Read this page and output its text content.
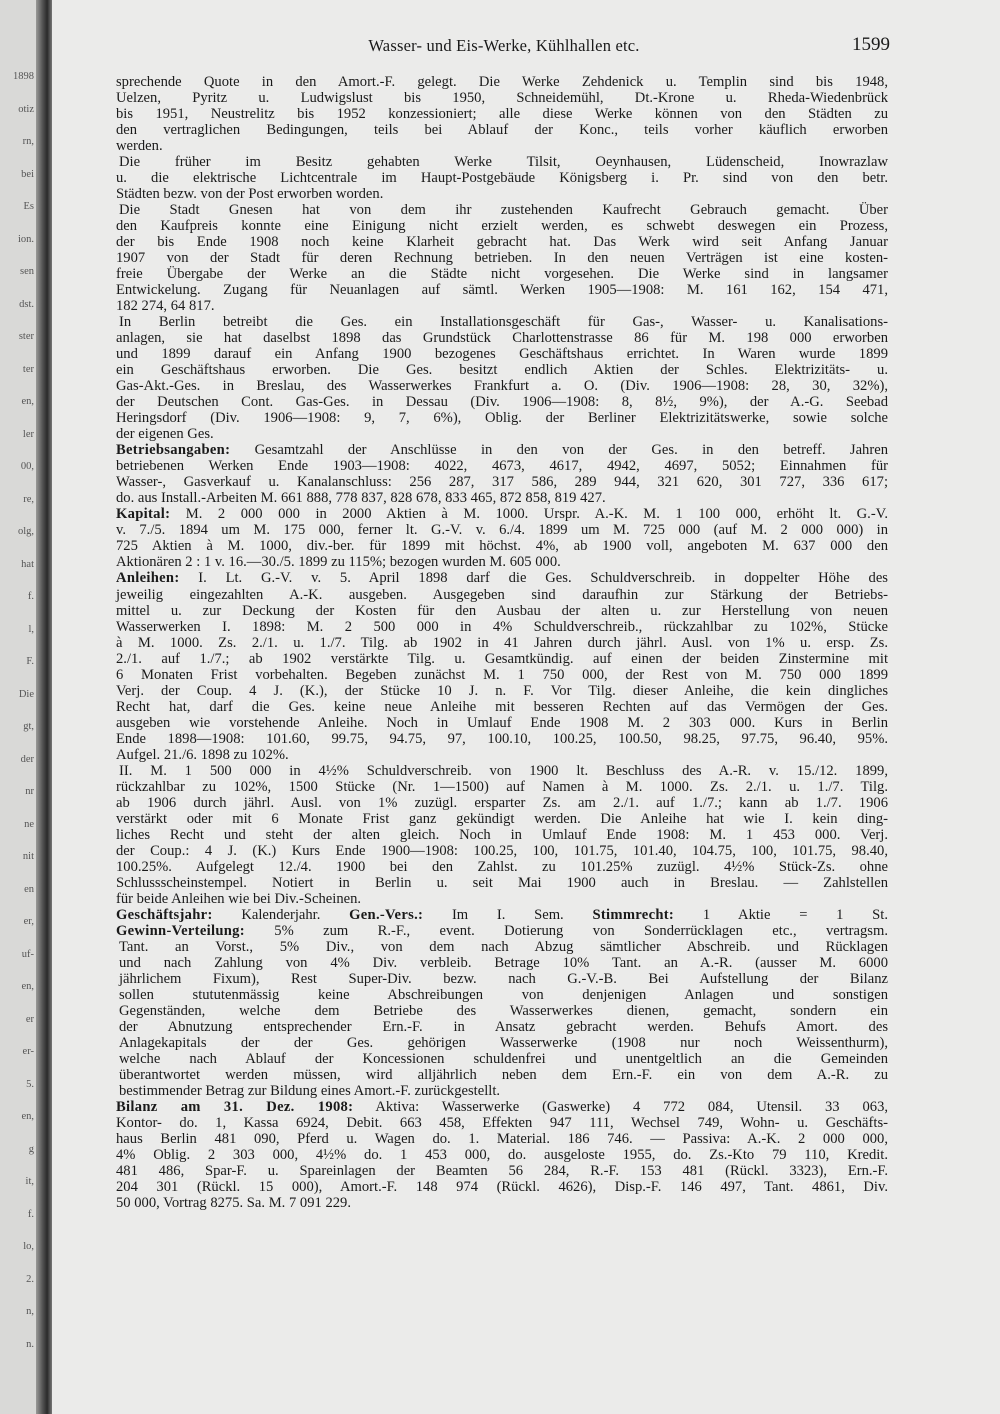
1898
otiz
rn,
bei
Es
ion.
sen
dst.
ster
ter
en,
ler
00,
re,
olg,
hat
f.
l,
F.
Die
gt,
der
nr
ne
nit
en
er,
uf-
en,
er
er-
5.
en,
g
it,
f.
lo,
2.
n,
n.
Wasser- und Eis-Werke, Kühlhallen etc.	1599
sprechende Quote in den Amort.-F. gelegt. Die Werke Zehdenick u. Templin sind bis 1948,
Uelzen, Pyritz u. Ludwigslust bis 1950, Schneidemühl, Dt.-Krone u. Rheda-Wiedenbrück
bis 1951, Neustrelitz bis 1952 konzessioniert; alle diese Werke können von den Städten zu
den vertraglichen Bedingungen, teils bei Ablauf der Konc., teils vorher käuflich erworben
werden.
Die früher im Besitz gehabten Werke Tilsit, Oeynhausen, Lüdenscheid, Inowrazlaw
u. die elektrische Lichtcentrale im Haupt-Postgebäude Königsberg i. Pr. sind von den betr.
Städten bezw. von der Post erworben worden.
Die Stadt Gnesen hat von dem ihr zustehenden Kaufrecht Gebrauch gemacht. Über
den Kaufpreis konnte eine Einigung nicht erzielt werden, es schwebt deswegen ein Prozess,
der bis Ende 1908 noch keine Klarheit gebracht hat. Das Werk wird seit Anfang Januar
1907 von der Stadt für deren Rechnung betrieben. In den neuen Verträgen ist eine kosten-
freie Übergabe der Werke an die Städte nicht vorgesehen. Die Werke sind in langsamer
Entwickelung. Zugang für Neuanlagen auf sämtl. Werken 1905—1908: M. 161 162, 154 471,
182 274, 64 817.
In Berlin betreibt die Ges. ein Installationsgeschäft für Gas-, Wasser- u. Kanalisations-
anlagen, sie hat daselbst 1898 das Grundstück Charlottenstrasse 86 für M. 198 000 erworben
und 1899 darauf ein Anfang 1900 bezogenes Geschäftshaus errichtet. In Waren wurde 1899
ein Geschäftshaus erworben. Die Ges. besitzt endlich Aktien der Schles. Elektrizitäts- u.
Gas-Akt.-Ges. in Breslau, des Wasserwerkes Frankfurt a. O. (Div. 1906—1908: 28, 30, 32%),
der Deutschen Cont. Gas-Ges. in Dessau (Div. 1906—1908: 8, 8½, 9%), der A.-G. Seebad
Heringsdorf (Div. 1906—1908: 9, 7, 6%), Oblig. der Berliner Elektrizitätswerke, sowie solche
der eigenen Ges.
Betriebsangaben: Gesamtzahl der Anschlüsse in den von der Ges. in den betreff. Jahren
betriebenen Werken Ende 1903—1908: 4022, 4673, 4617, 4942, 4697, 5052; Einnahmen für
Wasser-, Gasverkauf u. Kanalanschluss: 256 287, 317 586, 289 944, 321 620, 301 727, 336 617;
do. aus Install.-Arbeiten M. 661 888, 778 837, 828 678, 833 465, 872 858, 819 427.
Kapital: M. 2 000 000 in 2000 Aktien à M. 1000. Urspr. A.-K. M. 1 100 000, erhöht lt. G.-V.
v. 7./5. 1894 um M. 175 000, ferner lt. G.-V. v. 6./4. 1899 um M. 725 000 (auf M. 2 000 000) in
725 Aktien à M. 1000, div.-ber. für 1899 mit höchst. 4%, ab 1900 voll, angeboten M. 637 000 den
Aktionären 2 : 1 v. 16.—30./5. 1899 zu 115%; bezogen wurden M. 605 000.
Anleihen: I. Lt. G.-V. v. 5. April 1898 darf die Ges. Schuldverschreib. in doppelter Höhe des
jeweilig eingezahlten A.-K. ausgeben. Ausgegeben sind daraufhin zur Stärkung der Betriebs-
mittel u. zur Deckung der Kosten für den Ausbau der alten u. zur Herstellung von neuen
Wasserwerken I. 1898: M. 2 500 000 in 4% Schuldverschreib., rückzahlbar zu 102%, Stücke
à M. 1000. Zs. 2./1. u. 1./7. Tilg. ab 1902 in 41 Jahren durch jährl. Ausl. von 1% u. ersp. Zs.
2./1. auf 1./7.; ab 1902 verstärkte Tilg. u. Gesamtkündig. auf einen der beiden Zinstermine mit
6 Monaten Frist vorbehalten. Begeben zunächst M. 1 750 000, der Rest von M. 750 000 1899
Verj. der Coup. 4 J. (K.), der Stücke 10 J. n. F. Vor Tilg. dieser Anleihe, die kein dingliches
Recht hat, darf die Ges. keine neue Anleihe mit besseren Rechten auf das Vermögen der Ges.
ausgeben wie vorstehende Anleihe. Noch in Umlauf Ende 1908 M. 2 303 000. Kurs in Berlin
Ende 1898—1908: 101.60, 99.75, 94.75, 97, 100.10, 100.25, 100.50, 98.25, 97.75, 96.40, 95%.
Aufgel. 21./6. 1898 zu 102%.
II. M. 1 500 000 in 4½% Schuldverschreib. von 1900 lt. Beschluss des A.-R. v. 15./12. 1899,
rückzahlbar zu 102%, 1500 Stücke (Nr. 1—1500) auf Namen à M. 1000. Zs. 2./1. u. 1./7. Tilg.
ab 1906 durch jährl. Ausl. von 1% zuzügl. ersparter Zs. am 2./1. auf 1./7.; kann ab 1./7. 1906
verstärkt oder mit 6 Monate Frist ganz gekündigt werden. Die Anleihe hat wie I. kein ding-
liches Recht und steht der alten gleich. Noch in Umlauf Ende 1908: M. 1 453 000. Verj.
der Coup.: 4 J. (K.) Kurs Ende 1900—1908: 100.25, 100, 101.75, 101.40, 104.75, 100, 101.75, 98.40,
100.25%. Aufgelegt 12./4. 1900 bei den Zahlst. zu 101.25% zuzügl. 4½% Stück-Zs. ohne
Schlussscheinstempel. Notiert in Berlin u. seit Mai 1900 auch in Breslau. — Zahlstellen
für beide Anleihen wie bei Div.-Scheinen.
Geschäftsjahr: Kalenderjahr. Gen.-Vers.: Im I. Sem. Stimmrecht: 1 Aktie = 1 St.
Gewinn-Verteilung: 5% zum R.-F., event. Dotierung von Sonderrücklagen etc., vertragsm.
Tant. an Vorst., 5% Div., von dem nach Abzug sämtlicher Abschreib. und Rücklagen
und nach Zahlung von 4% Div. verbleib. Betrage 10% Tant. an A.-R. (ausser M. 6000
jährlichem Fixum), Rest Super-Div. bezw. nach G.-V.-B. Bei Aufstellung der Bilanz
sollen stututenmässig keine Abschreibungen von denjenigen Anlagen und sonstigen
Gegenständen, welche dem Betriebe des Wasserwerkes dienen, gemacht, sondern ein
der Abnutzung entsprechender Ern.-F. in Ansatz gebracht werden. Behufs Amort. des
Anlagekapitals der der Ges. gehörigen Wasserwerke (1908 nur noch Weissenthurm),
welche nach Ablauf der Koncessionen schuldenfrei und unentgeltlich an die Gemeinden
überantwortet werden müssen, wird alljährlich neben dem Ern.-F. ein von dem A.-R. zu
bestimmender Betrag zur Bildung eines Amort.-F. zurückgestellt.
Bilanz am 31. Dez. 1908: Aktiva: Wasserwerke (Gaswerke) 4 772 084, Utensil. 33 063,
Kontor- do. 1, Kassa 6924, Debit. 663 458, Effekten 947 111, Wechsel 749, Wohn- u. Geschäfts-
haus Berlin 481 090, Pferd u. Wagen do. 1. Material. 186 746. — Passiva: A.-K. 2 000 000,
4% Oblig. 2 303 000, 4½% do. 1 453 000, do. ausgeloste 1955, do. Zs.-Kto 79 110, Kredit.
481 486, Spar-F. u. Spareinlagen der Beamten 56 284, R.-F. 153 481 (Rückl. 3323), Ern.-F.
204 301 (Rückl. 15 000), Amort.-F. 148 974 (Rückl. 4626), Disp.-F. 146 497, Tant. 4861, Div.
50 000, Vortrag 8275. Sa. M. 7 091 229.
